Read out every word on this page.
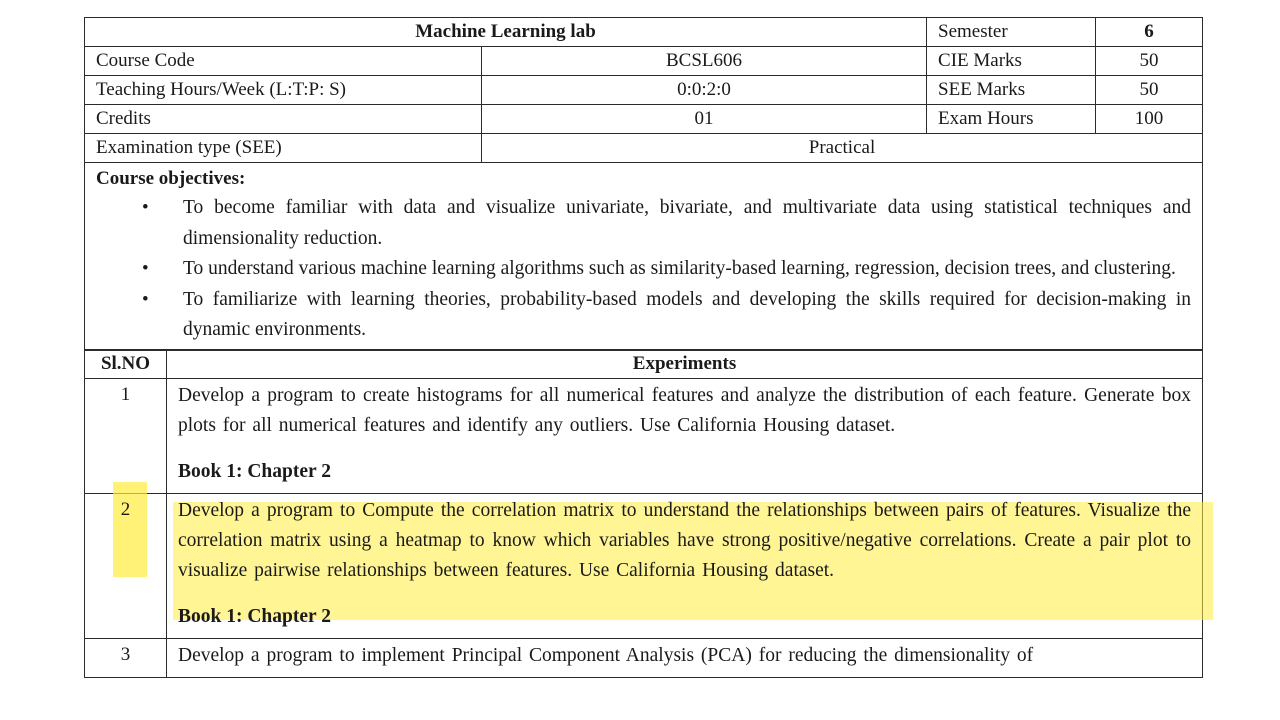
Machine Learning lab		Semester	6
Course Code	BCSL606	CIE Marks	50
Teaching Hours/Week (L:T:P: S)	0:0:2:0	SEE Marks	50
Credits	01	Exam Hours	100
Examination type (SEE)	Practical		

Course objectives:
• To become familiar with data and visualize univariate, bivariate, and multivariate data using statistical techniques and dimensionality reduction.
• To understand various machine learning algorithms such as similarity-based learning, regression, decision trees, and clustering.
• To familiarize with learning theories, probability-based models and developing the skills required for decision-making in dynamic environments.
Sl.NO	Experiments
1	Develop a program to create histograms for all numerical features and analyze the distribution of each feature. Generate box plots for all numerical features and identify any outliers. Use California Housing dataset.
Book 1: Chapter 2

2	Develop a program to Compute the correlation matrix to understand the relationships between pairs of features. Visualize the correlation matrix using a heatmap to know which variables have strong positive/negative correlations. Create a pair plot to visualize pairwise relationships between features. Use California Housing dataset.
Book 1: Chapter 2

3	Develop a program to implement Principal Component Analysis (PCA) for reducing the dimensionality of
